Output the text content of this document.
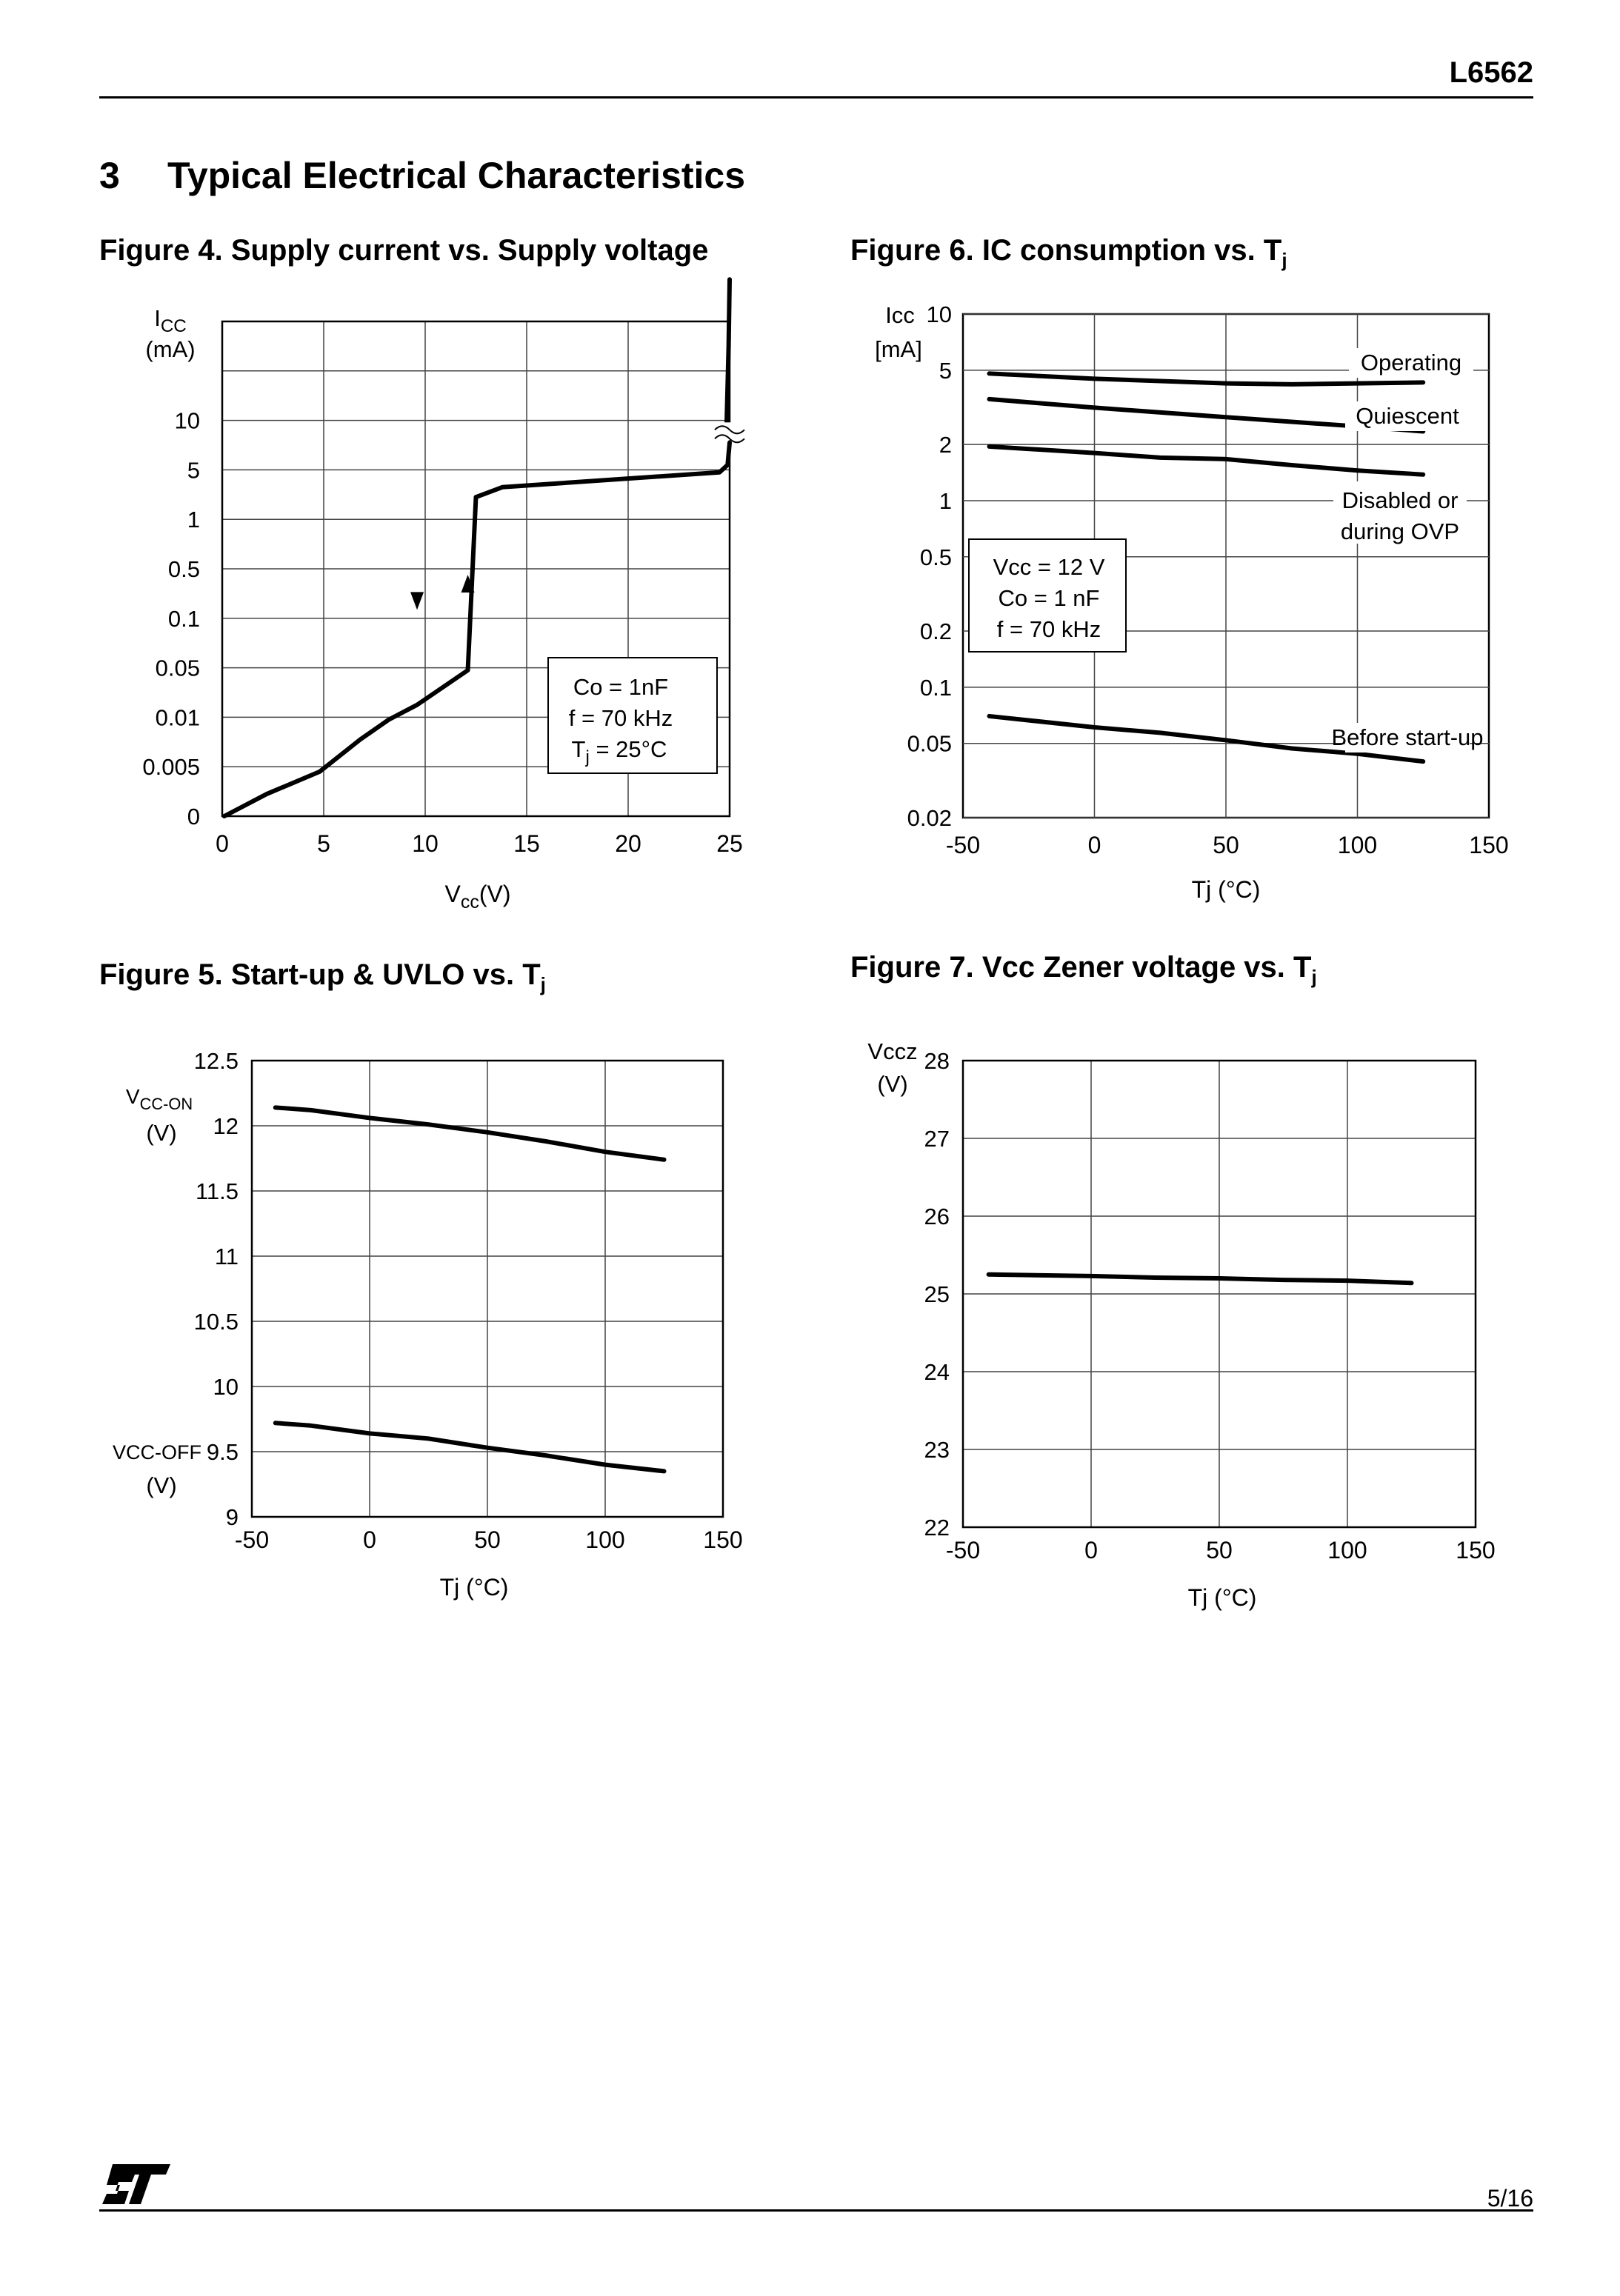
L6562
3 Typical Electrical Characteristics
Figure 4. Supply current vs. Supply voltage	Figure 6. IC consumption vs. $T_j$
Figure 5. Start-up & UVLO vs. $T_j$
Figure 7. Vcc Zener voltage vs. $T_j$
0	5	10	15	20	25
0
0.005
0.01
0.05
0.1
0.5
1
5
10
$I_{CC}$
(mA)
$V_{cc}(V)$
Co = 1nF
f = 70 kHz
$T_j = 25^\circ C$
0.02
0.05
0.1
0.2
0.5
1
2
5
10
-50	0	50	100	150
Icc
[mA]
Tj (°C)
Operating
Quiescent
Before start-up
Disabled or
during OVP
Vcc = 12 V
Co = 1 nF
f = 70 kHz
9
9.5
10
10.5
11
11.5
12
12.5
-50	0	50	100	150
Tj (°C)
$V_{CC-ON}$
(V)
VCC-OFF
(V)
22
23
24
25
26
27
28
-50	0	50	100	150
Vccz
(V)
Tj (°C)
5/16
